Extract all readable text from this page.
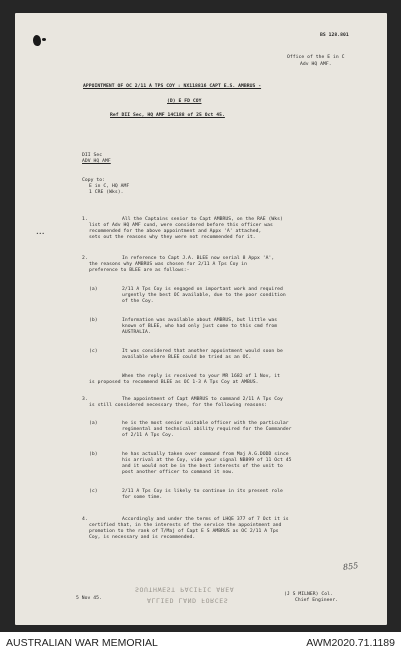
BS 128.801
Office of the E in C
Adv HQ AMF.
APPOINTMENT OF OC 2/11 A TPS COY : NX118816 CAPT E.S. AMBRUS -
(D) E FD COY
Ref DII Sec, HQ AMF 14C188 of 25 Oct 45.
DII Sec
ADV HQ AMF
Copy to:
E in C, HQ AMF
1 CRE (Wks).
•••
1.	All the Captains senior to Capt AMBRUS, on the RAE (Wks)
list of Adv HQ AMF cund, were considered before this officer was
recommended for the above appointment and Appx 'A' attached,
sets out the reasons why they were not recommended for it.
2.	In reference to Capt J.A. BLEE now serial 8 Appx 'A',
the reasons why AMBRUS was chosen for 2/11 A Tps Coy in
preference to BLEE are as follows:-
(a)	2/11 A Tps Coy is engaged on important work and required
urgently the best OC available, due to the poor condition
of the Coy.
(b)	Information was available about AMBRUS, but little was
known of BLEE, who had only just come to this cmd from
AUSTRALIA.
(c)	It was considered that another appointment would soon be
available where BLEE could be tried as an OC.
When the reply is received to your MR 1682 of 1 Nov, it
is proposed to recommend BLEE as OC 1-3 A Tps Coy at AMBUS.
3.	The appointment of Capt AMBRUS to command 2/11 A Tps Coy
is still considered necessary then, for the following reasons:
(a)	he is the most senior suitable officer with the particular
regimental and technical ability required for the Commander
of 2/11 A Tps Coy.
(b)	he has actually taken over command from Maj A.G.DODD since
his arrival at the Coy, vide your signal NB899 of 11 Oct 45
and it would not be in the best interests of the unit to
post another officer to command it now.
(c)	2/11 A Tps Coy is likely to continue in its present role
for some time.
4.	Accordingly and under the terms of LHQE 377 of 7 Oct it is
certified that, in the interests of the service the appointment and
promotion to the rank of T/Maj of Capt E S AMBRUS as OC 2/11 A Tps
Coy, is necessary and is recommended.
855
SOUTHWEST PACIFIC AREA
ALLIED LAND FORCES
(J S MILNER) Col.
Chief Engineer.
5 Nov 45.
AUSTRALIAN WAR MEMORIAL	AWM2020.71.1189
